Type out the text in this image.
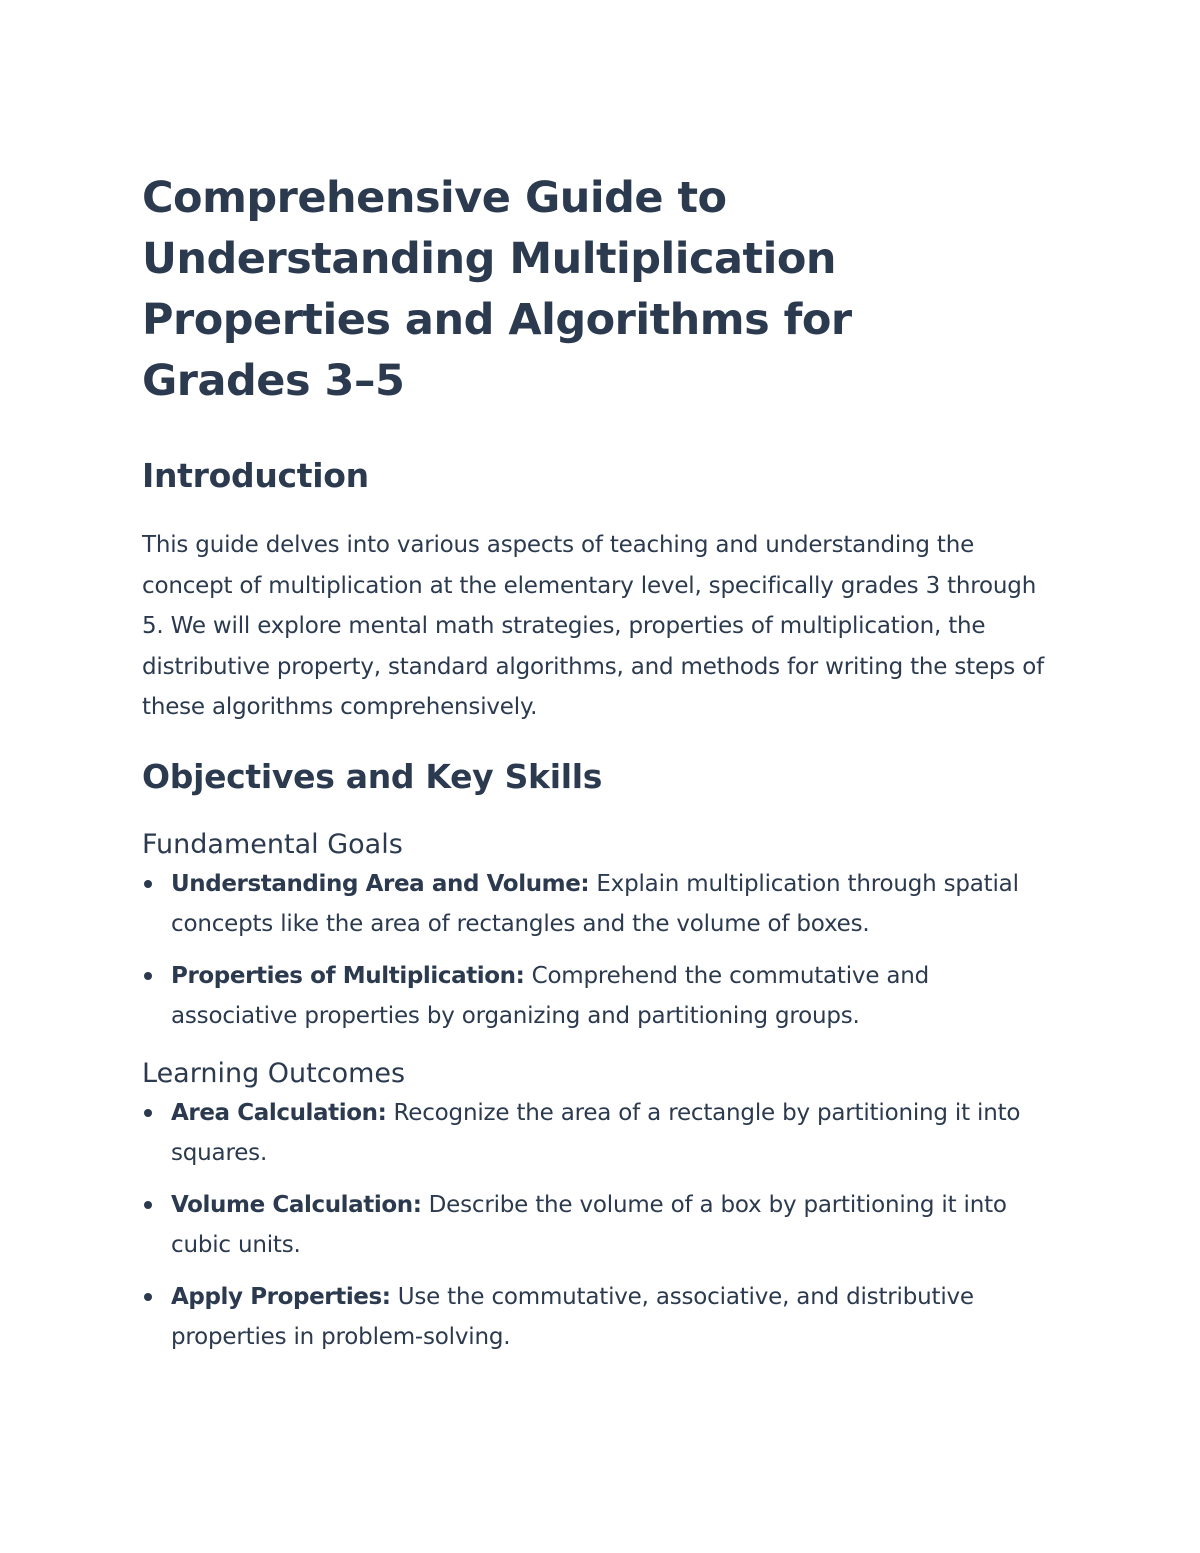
Comprehensive Guide to Understanding Multiplication Properties and Algorithms for Grades 3–5
Introduction

This guide delves into various aspects of teaching and understanding the concept of multiplication at the elementary level, specifically grades 3 through 5. We will explore mental math strategies, properties of multiplication, the distributive property, standard algorithms, and methods for writing the steps of these algorithms comprehensively.

Objectives and Key Skills
Fundamental Goals
Understanding Area and Volume: Explain multiplication through spatial concepts like the area of rectangles and the volume of boxes.
Properties of Multiplication: Comprehend the commutative and associative properties by organizing and partitioning groups.
Learning Outcomes
Area Calculation: Recognize the area of a rectangle by partitioning it into squares.
Volume Calculation: Describe the volume of a box by partitioning it into cubic units.
Apply Properties: Use the commutative, associative, and distributive properties in problem-solving.
